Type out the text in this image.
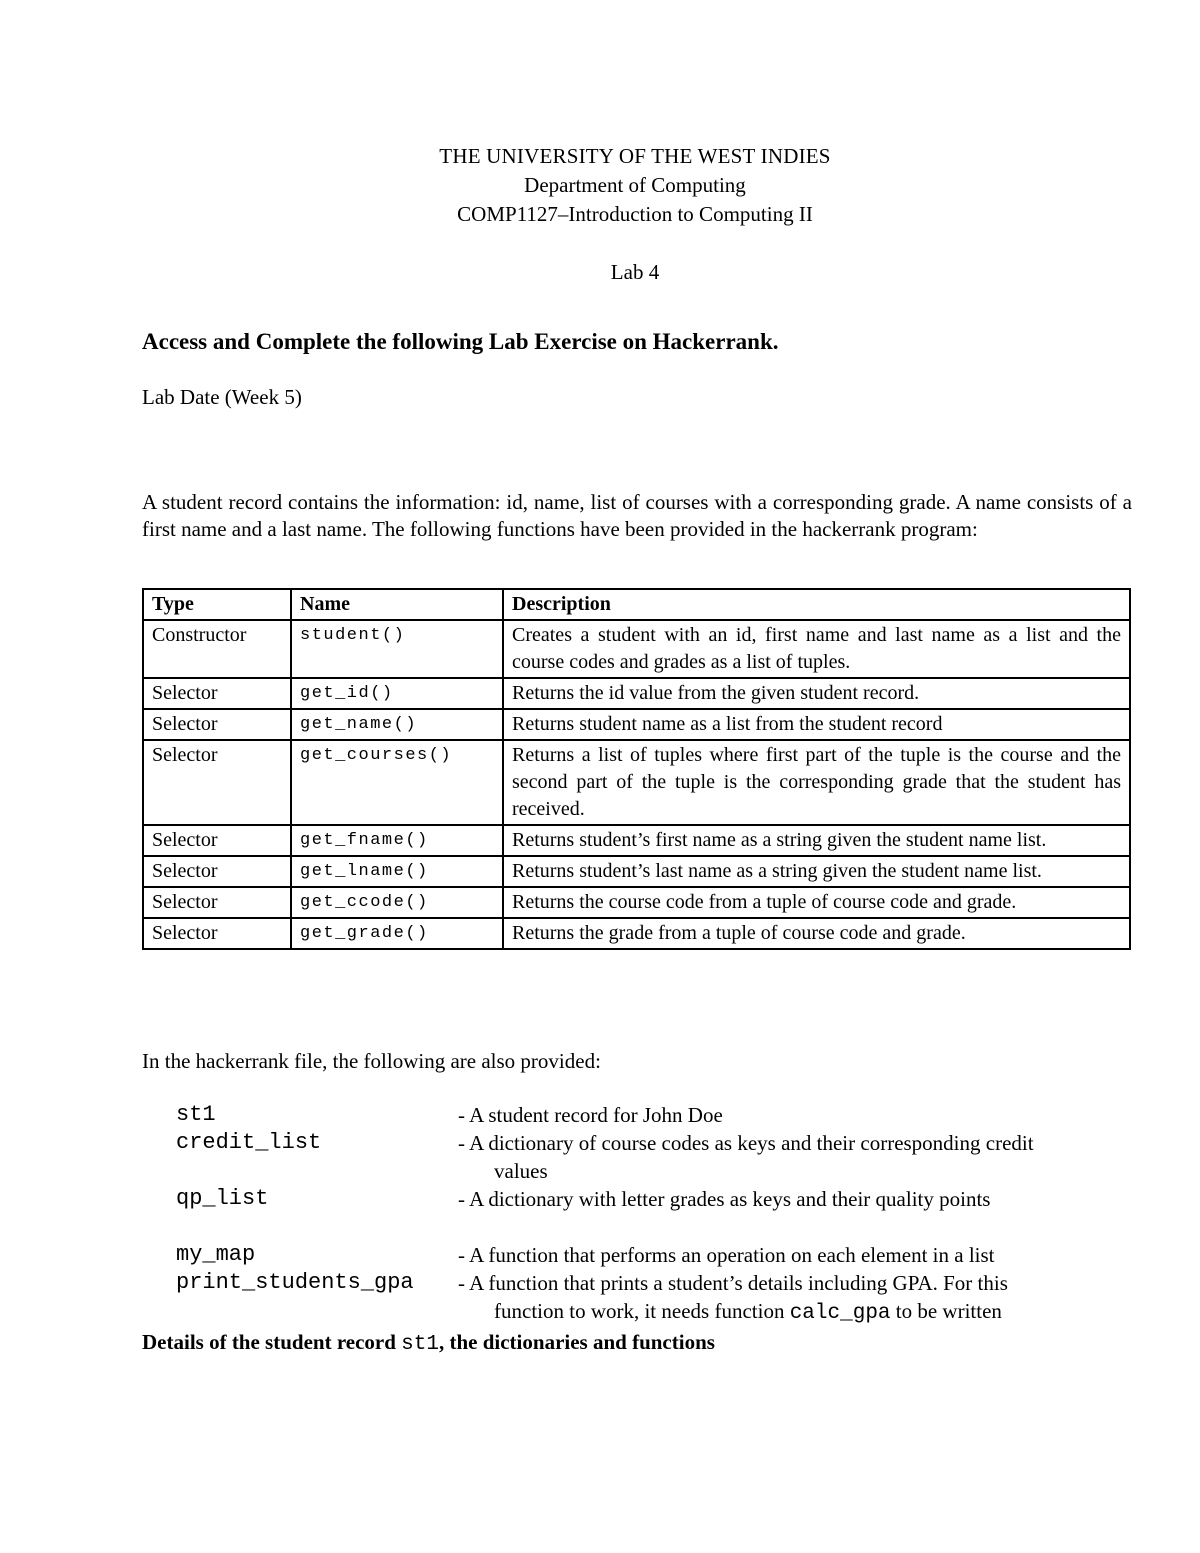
THE UNIVERSITY OF THE WEST INDIES
Department of Computing
COMP1127–Introduction to Computing II
Lab 4
Access and Complete the following Lab Exercise on Hackerrank.
Lab Date (Week 5)
A student record contains the information: id, name, list of courses with a corresponding grade. A name consists of a first name and a last name. The following functions have been provided in the hackerrank program:
Type	Name	Description
Constructor	student()	Creates a student with an id, first name and last name as a list and the course codes and grades as a list of tuples.
Selector	get_id()	Returns the id value from the given student record.
Selector	get_name()	Returns student name as a list from the student record
Selector	get_courses()	Returns a list of tuples where first part of the tuple is the course and the second part of the tuple is the corresponding grade that the student has received.
Selector	get_fname()	Returns student’s first name as a string given the student name list.
Selector	get_lname()	Returns student’s last name as a string given the student name list.
Selector	get_ccode()	Returns the course code from a tuple of course code and grade.
Selector	get_grade()	Returns the grade from a tuple of course code and grade.
In the hackerrank file, the following are also provided:
st1	- A student record for John Doe
credit_list	- A dictionary of course codes as keys and their corresponding credit
values
qp_list	- A dictionary with letter grades as keys and their quality points
my_map	- A function that performs an operation on each element in a list
print_students_gpa	- A function that prints a student’s details including GPA. For this
function to work, it needs function calc_gpa to be written
Details of the student record st1, the dictionaries and functions
